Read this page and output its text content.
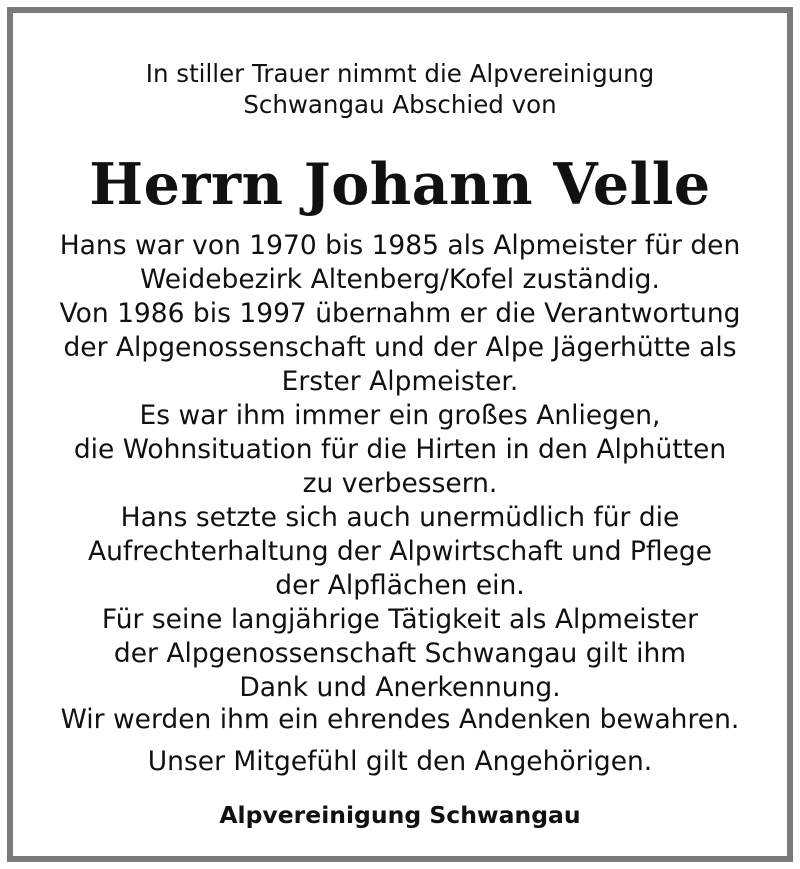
In stiller Trauer nimmt die Alpvereinigung
Schwangau Abschied von
Herrn Johann Velle
Hans war von 1970 bis 1985 als Alpmeister für den
Weidebezirk Altenberg/Kofel zuständig.
Von 1986 bis 1997 übernahm er die Verantwortung
der Alpgenossenschaft und der Alpe Jägerhütte als
Erster Alpmeister.
Es war ihm immer ein großes Anliegen,
die Wohnsituation für die Hirten in den Alphütten
zu verbessern.
Hans setzte sich auch unermüdlich für die
Aufrechterhaltung der Alpwirtschaft und Pflege
der Alpflächen ein.
Für seine langjährige Tätigkeit als Alpmeister
der Alpgenossenschaft Schwangau gilt ihm
Dank und Anerkennung.
Wir werden ihm ein ehrendes Andenken bewahren.
Unser Mitgefühl gilt den Angehörigen.
Alpvereinigung Schwangau
